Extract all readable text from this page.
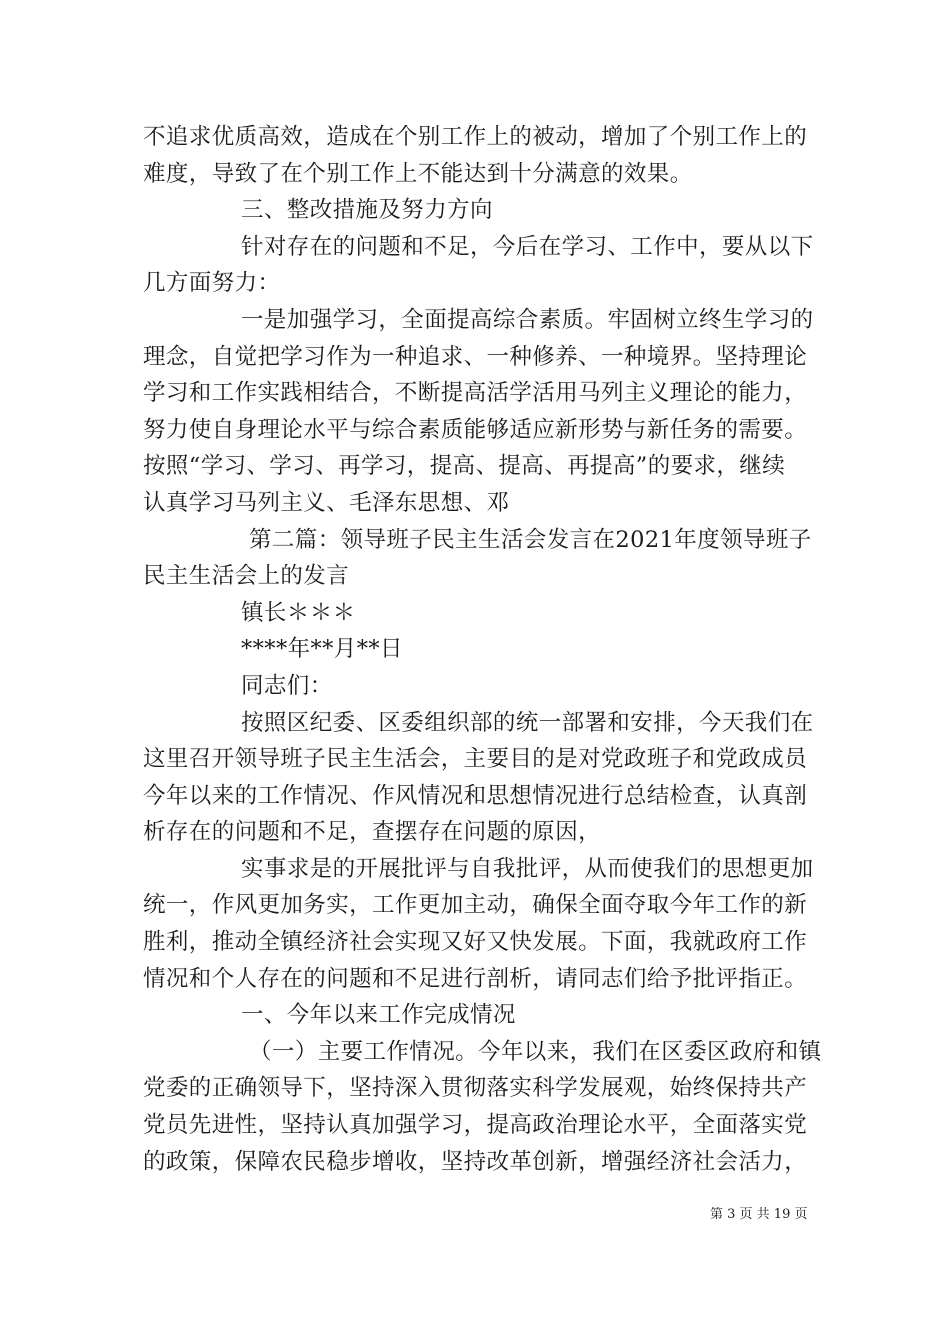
不追求优质高效，造成在个别工作上的被动，增加了个别工作上的
难度，导致了在个别工作上不能达到十分满意的效果。
三、整改措施及努力方向
针对存在的问题和不足，今后在学习、工作中，要从以下
几方面努力：
一是加强学习，全面提高综合素质。牢固树立终生学习的
理念，自觉把学习作为一种追求、一种修养、一种境界。坚持理论
学习和工作实践相结合，不断提高活学活用马列主义理论的能力，
努力使自身理论水平与综合素质能够适应新形势与新任务的需要。
按照“学习、学习、再学习，提高、提高、再提高”的要求，继续
认真学习马列主义、毛泽东思想、邓
第二篇：领导班子民主生活会发言在2021年度领导班子
民主生活会上的发言
镇长＊＊＊
****年**月**日
同志们：
按照区纪委、区委组织部的统一部署和安排，今天我们在
这里召开领导班子民主生活会，主要目的是对党政班子和党政成员
今年以来的工作情况、作风情况和思想情况进行总结检查，认真剖
析存在的问题和不足，查摆存在问题的原因，
实事求是的开展批评与自我批评，从而使我们的思想更加
统一，作风更加务实，工作更加主动，确保全面夺取今年工作的新
胜利，推动全镇经济社会实现又好又快发展。下面，我就政府工作
情况和个人存在的问题和不足进行剖析，请同志们给予批评指正。
一、今年以来工作完成情况
（一）主要工作情况。今年以来，我们在区委区政府和镇
党委的正确领导下，坚持深入贯彻落实科学发展观，始终保持共产
党员先进性，坚持认真加强学习，提高政治理论水平，全面落实党
的政策，保障农民稳步增收，坚持改革创新，增强经济社会活力，
第 3 页 共 19 页
